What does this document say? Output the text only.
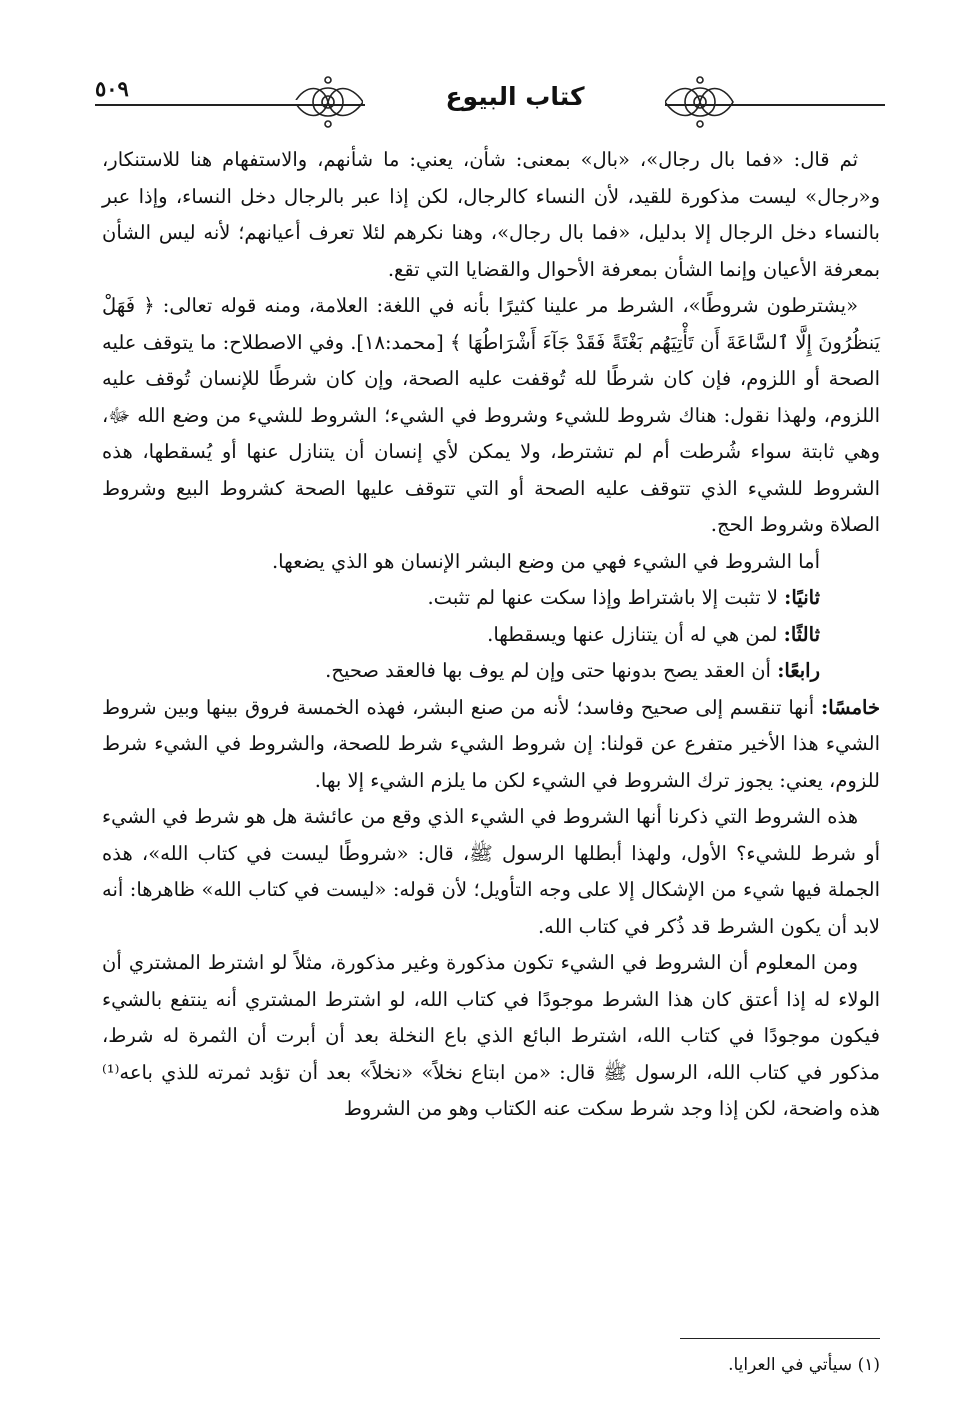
٥٠٩	كتاب البيوع

ثم قال: «فما بال رجال»، «بال» بمعنى: شأن، يعني: ما شأنهم، والاستفهام هنا للاستنكار، و«رجال» ليست مذكورة للقيد، لأن النساء كالرجال، لكن إذا عبر بالرجال دخل النساء، وإذا عبر بالنساء دخل الرجال إلا بدليل، «فما بال رجال»، وهنا نكرهم لئلا تعرف أعيانهم؛ لأنه ليس الشأن بمعرفة الأعيان وإنما الشأن بمعرفة الأحوال والقضايا التي تقع.

«يشترطون شروطًا»، الشرط مر علينا كثيرًا بأنه في اللغة: العلامة، ومنه قوله تعالى: ﴿ فَهَلْ يَنظُرُونَ إِلَّا ٱلسَّاعَةَ أَن تَأْتِيَهُم بَغْتَةً فَقَدْ جَآءَ أَشْرَاطُهَا ﴾ [محمد:١٨]. وفي الاصطلاح: ما يتوقف عليه الصحة أو اللزوم، فإن كان شرطًا لله تُوقفت عليه الصحة، وإن كان شرطًا للإنسان تُوقف عليه اللزوم، ولهذا نقول: هناك شروط للشيء وشروط في الشيء؛ الشروط للشيء من وضع الله ﷻ، وهي ثابتة سواء شُرطت أم لم تشترط، ولا يمكن لأي إنسان أن يتنازل عنها أو يُسقطها، هذه الشروط للشيء الذي تتوقف عليه الصحة أو التي تتوقف عليها الصحة كشروط البيع وشروط الصلاة وشروط الحج.

أما الشروط في الشيء فهي من وضع البشر الإنسان هو الذي يضعها.

ثانيًا: لا تثبت إلا باشتراط وإذا سكت عنها لم تثبت.

ثالثًا: لمن هي له أن يتنازل عنها ويسقطها.

رابعًا: أن العقد يصح بدونها حتى وإن لم يوف بها فالعقد صحيح.

خامسًا: أنها تنقسم إلى صحيح وفاسد؛ لأنه من صنع البشر، فهذه الخمسة فروق بينها وبين شروط الشيء هذا الأخير متفرع عن قولنا: إن شروط الشيء شرط للصحة، والشروط في الشيء شرط للزوم، يعني: يجوز ترك الشروط في الشيء لكن ما يلزم الشيء إلا بها.

هذه الشروط التي ذكرنا أنها الشروط في الشيء الذي وقع من عائشة هل هو شرط في الشيء أو شرط للشيء؟ الأول، ولهذا أبطلها الرسول ﷺ، قال: «شروطًا ليست في كتاب الله»، هذه الجملة فيها شيء من الإشكال إلا على وجه التأويل؛ لأن قوله: «ليست في كتاب الله» ظاهرها: أنه لابد أن يكون الشرط قد ذُكر في كتاب الله.

ومن المعلوم أن الشروط في الشيء تكون مذكورة وغير مذكورة، مثلاً لو اشترط المشتري أن الولاء له إذا أعتق كان هذا الشرط موجودًا في كتاب الله، لو اشترط المشتري أنه ينتفع بالشيء فيكون موجودًا في كتاب الله، اشترط البائع الذي باع النخلة بعد أن أبرت أن الثمرة له شرط، مذكور في كتاب الله، الرسول ﷺ قال: «من ابتاع نخلاً» «نخلاً» بعد أن تؤبد ثمرته للذي باعه⁽¹⁾ هذه واضحة، لكن إذا وجد شرط سكت عنه الكتاب وهو من الشروط

(١) سيأتي في العرايا.
